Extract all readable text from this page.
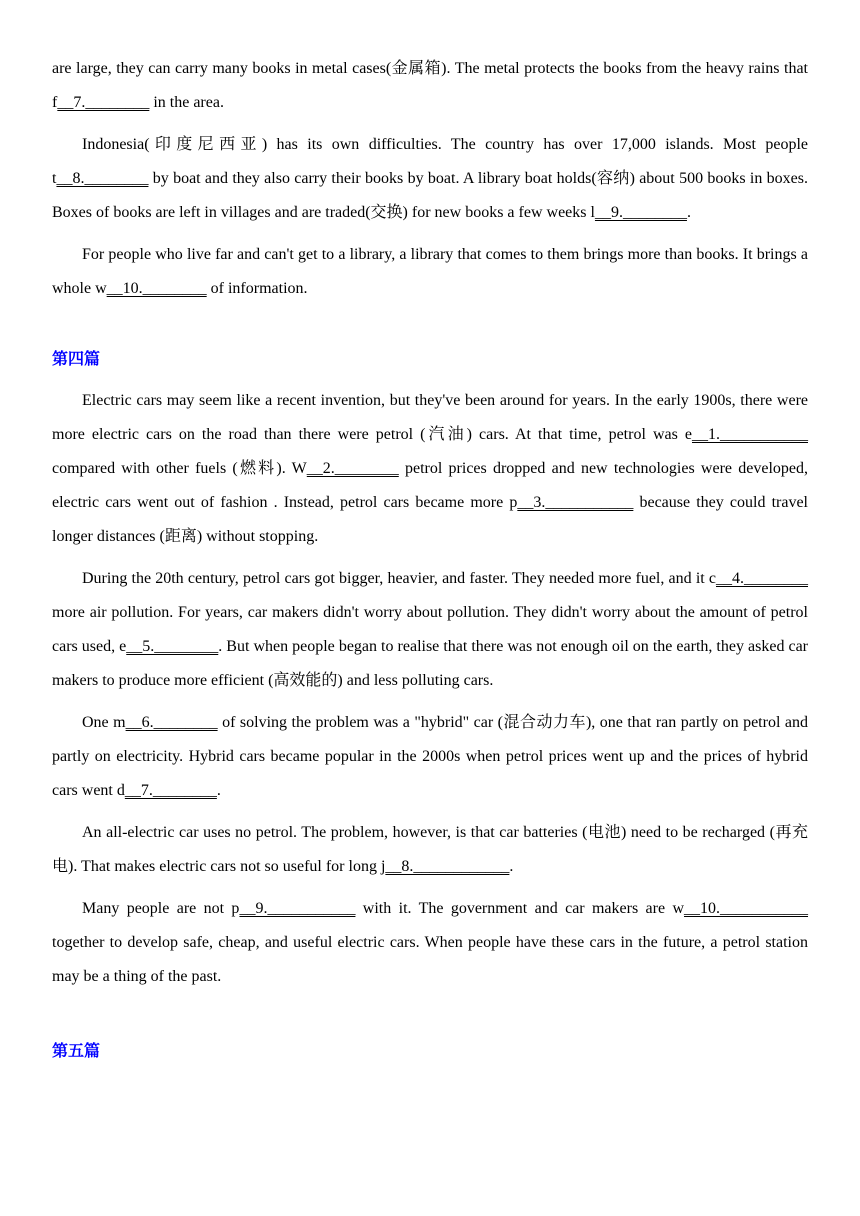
are large, they can carry many books in metal cases(金属箱). The metal protects the books from the heavy rains that f__7.________ in the area.

Indonesia(印度尼西亚) has its own difficulties. The country has over 17,000 islands. Most people t__8.________ by boat and they also carry their books by boat. A library boat holds(容纳) about 500 books in boxes. Boxes of books are left in villages and are traded(交换) for new books a few weeks l__9.________.

For people who live far and can't get to a library, a library that comes to them brings more than books. It brings a whole w__10.________ of information.

第四篇

Electric cars may seem like a recent invention, but they've been around for years. In the early 1900s, there were more electric cars on the road than there were petrol (汽油) cars. At that time, petrol was e__1.___________ compared with other fuels (燃料). W__2.________ petrol prices dropped and new technologies were developed, electric cars went out of fashion . Instead, petrol cars became more p__3.___________ because they could travel longer distances (距离) without stopping.

During the 20th century, petrol cars got bigger, heavier, and faster. They needed more fuel, and it c__4.________ more air pollution. For years, car makers didn't worry about pollution. They didn't worry about the amount of petrol cars used, e__5.________. But when people began to realise that there was not enough oil on the earth, they asked car makers to produce more efficient (高效能的) and less polluting cars.

One m__6.________ of solving the problem was a "hybrid" car (混合动力车), one that ran partly on petrol and partly on electricity. Hybrid cars became popular in the 2000s when petrol prices went up and the prices of hybrid cars went d__7.________.

An all-electric car uses no petrol. The problem, however, is that car batteries (电池) need to be recharged (再充电). That makes electric cars not so useful for long j__8.____________.

Many people are not p__9.___________ with it. The government and car makers are w__10.___________ together to develop safe, cheap, and useful electric cars. When people have these cars in the future, a petrol station may be a thing of the past.

第五篇
